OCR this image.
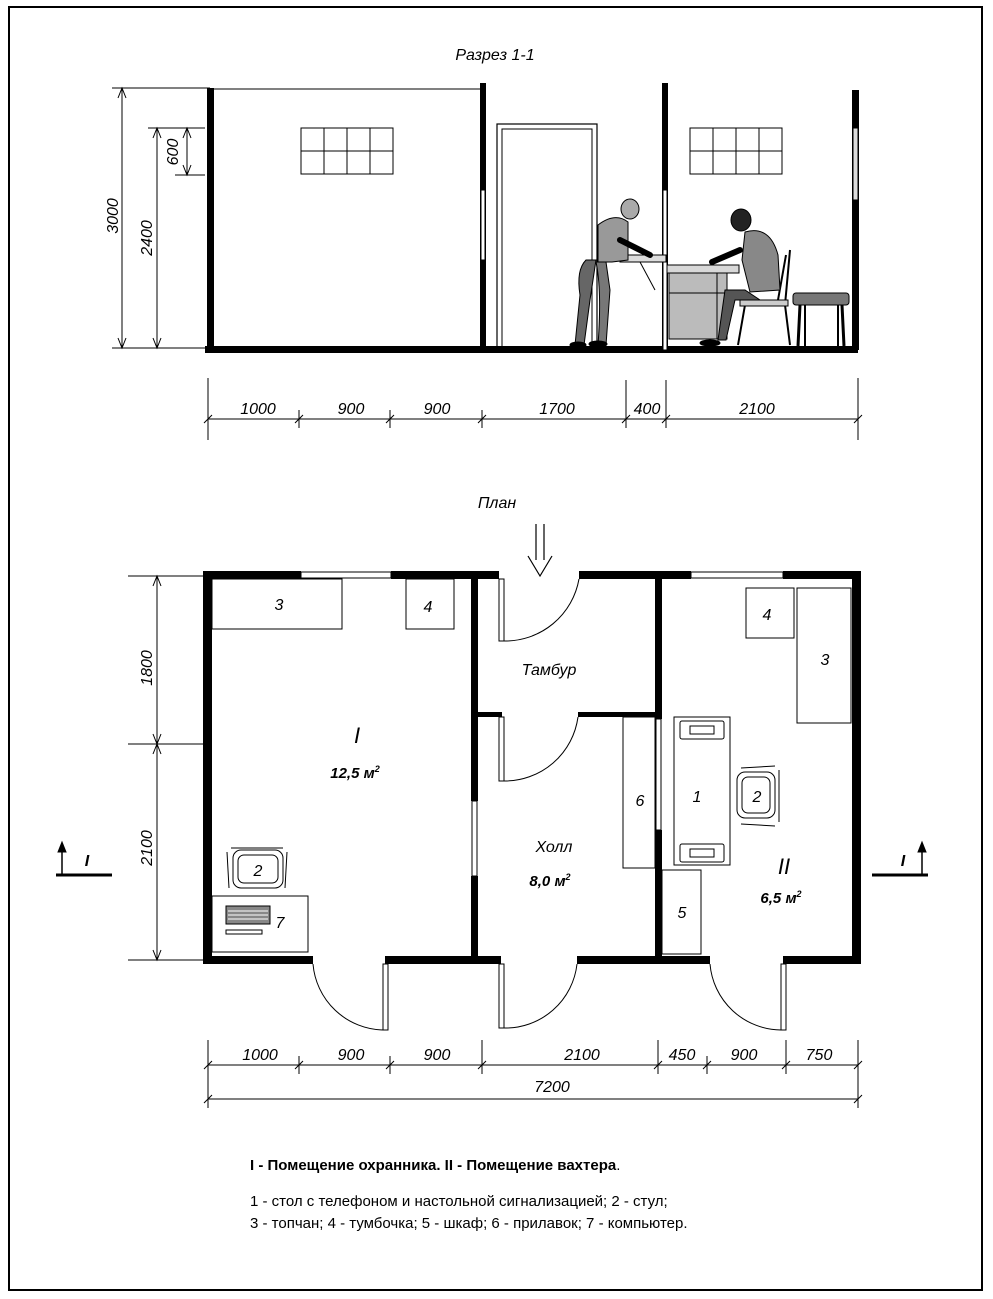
Разрез 1-1
3000
2400
600
1000	900	900	1700	400	2100
План
3	4
2
7
4
3
1	2
6
5
I
12,5 $м^2$
Тамбур
Холл
8,0 $м^2$	II
6,5 $м^2$
I	I
1800
2100
1000	900	900	2100	450 900	750
7200
I - Помещение охранника. II - Помещение вахтера.
1 - стол с телефоном и настольной сигнализацией; 2 - стул;
3 - топчан; 4 - тумбочка; 5 - шкаф; 6 - прилавок; 7 - компьютер.
